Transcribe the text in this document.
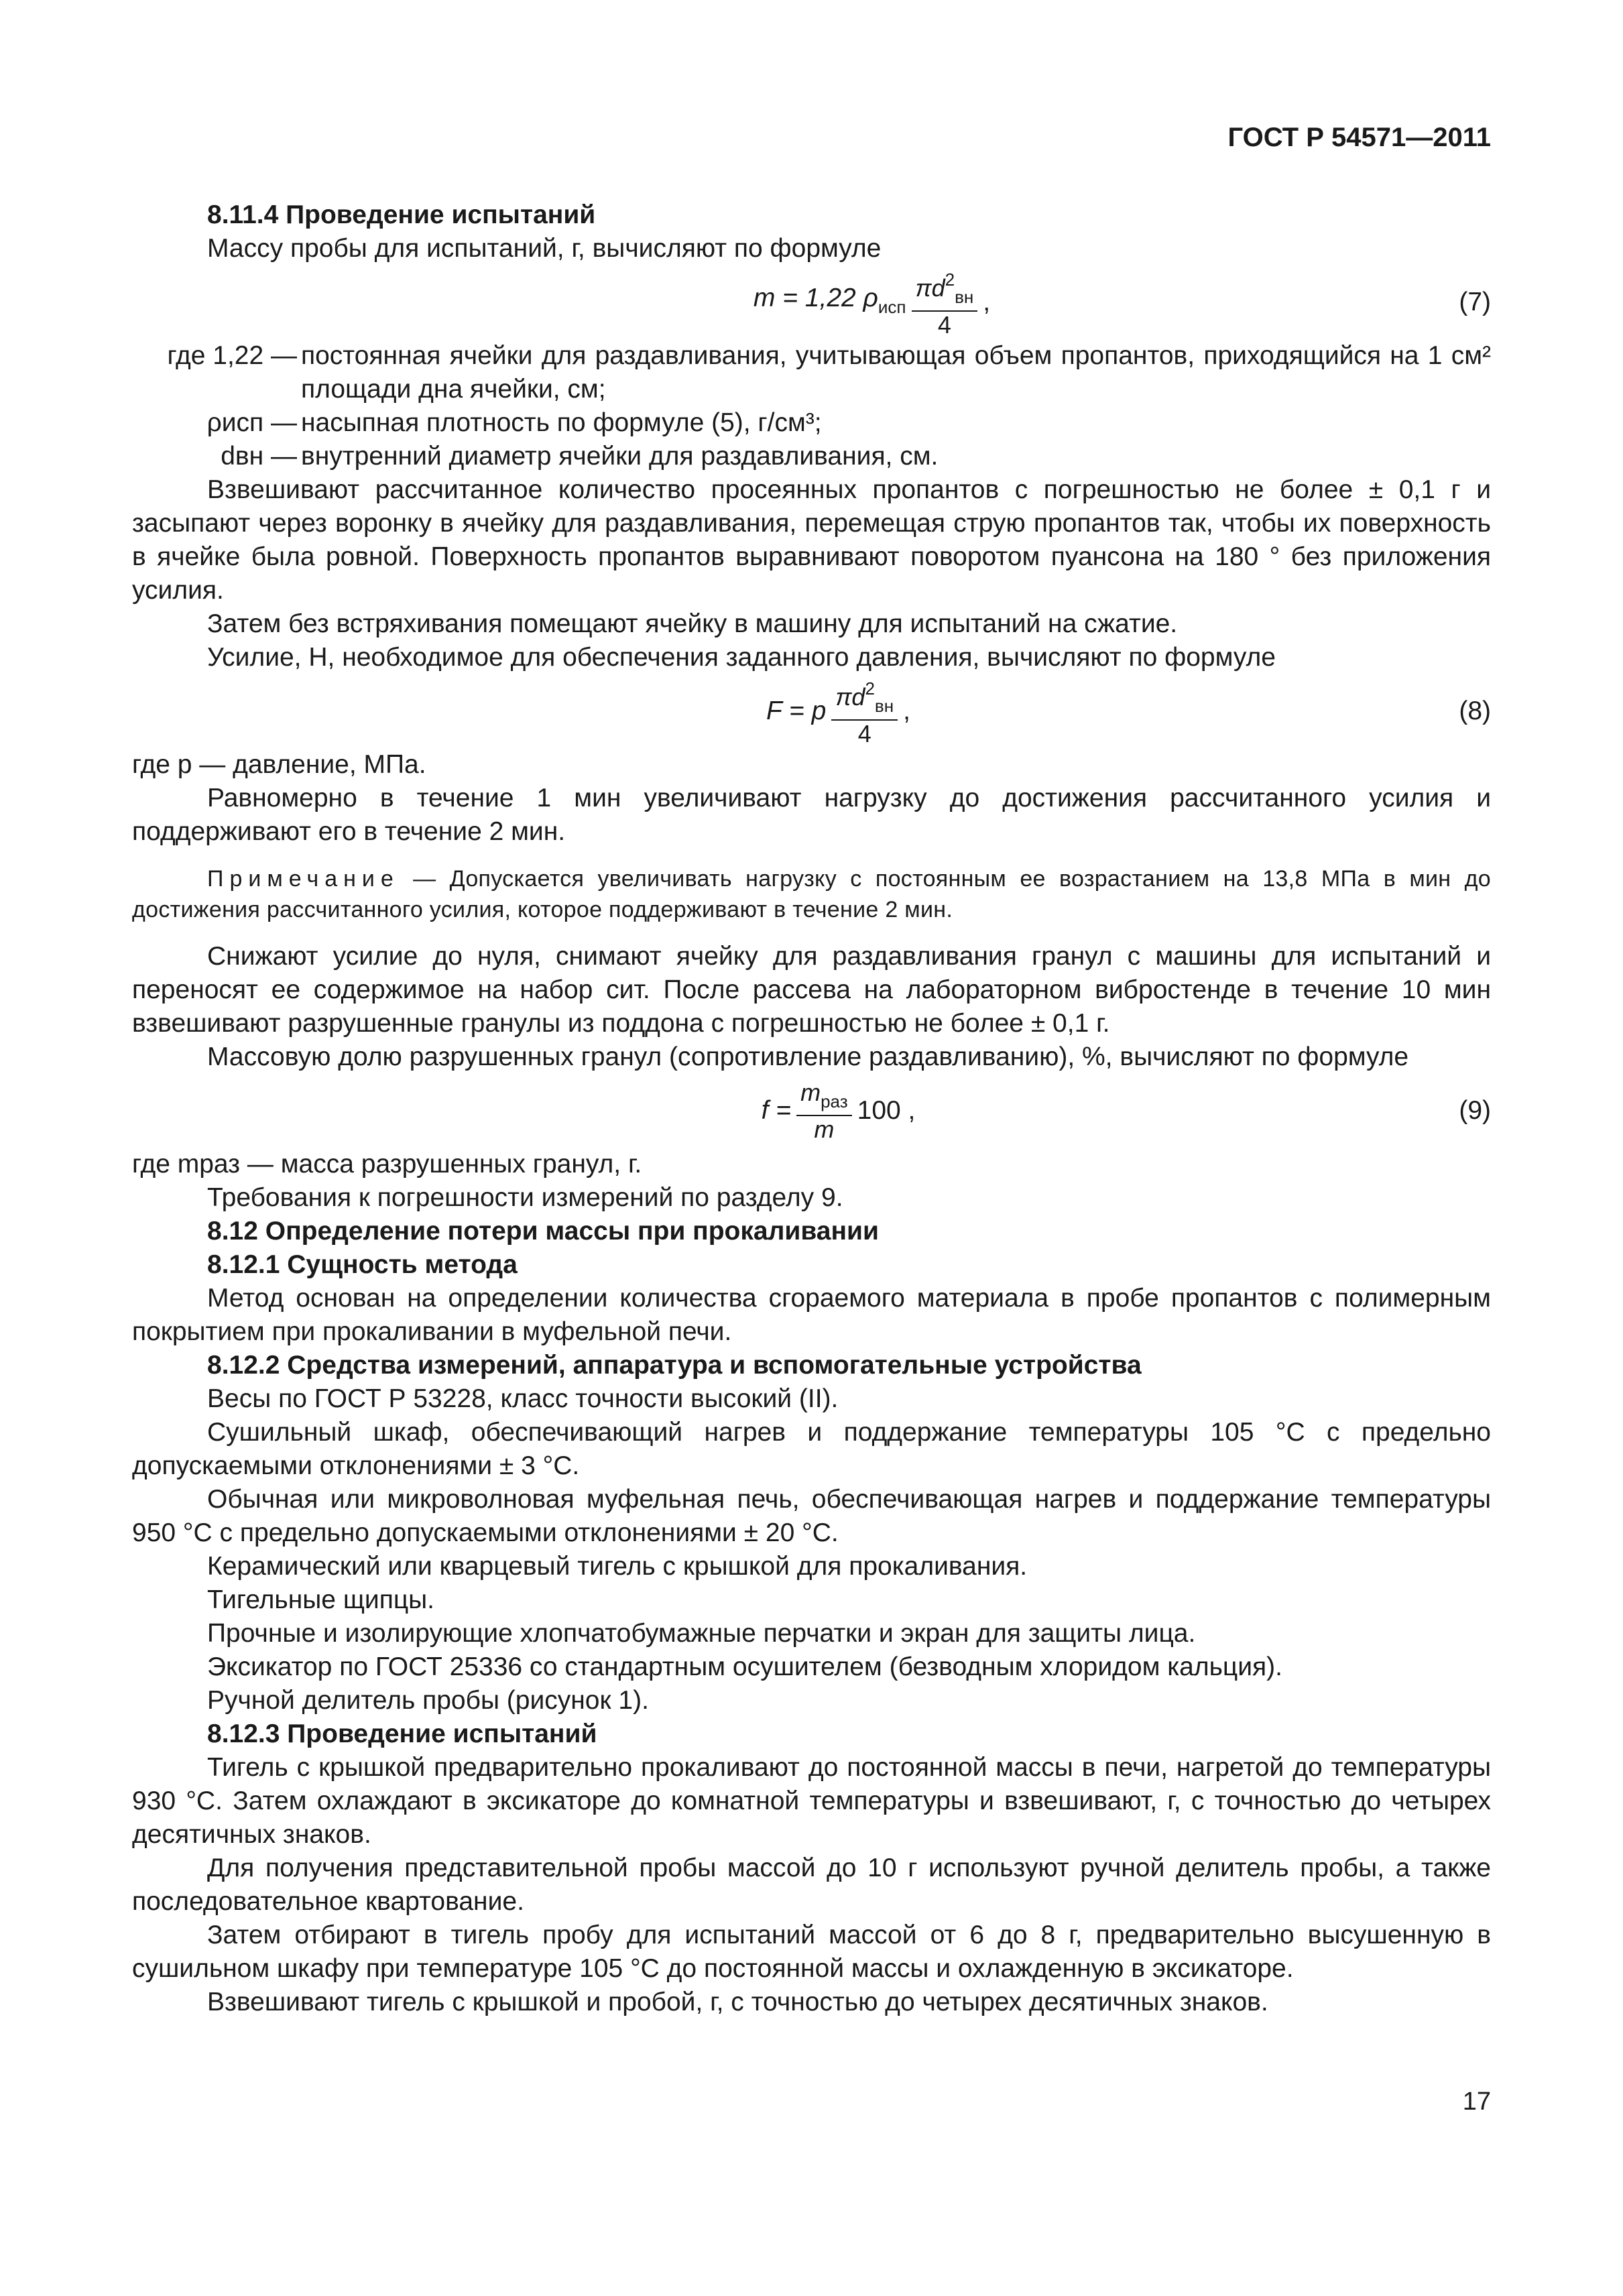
ГОСТ Р 54571—2011

8.11.4 Проведение испытаний

Массу пробы для испытаний, г, вычисляют по формуле

m = 1,22 $\rho_{исп} \frac{\pi d^2_{вн}}{4}$ ,	(7)
где 1,22 — постоянная ячейки для раздавливания, учитывающая объем пропантов, приходящийся на 1 см² площади дна ячейки, см;
ρисп — насыпная плотность по формуле (5), г/см³;
dвн — внутренний диаметр ячейки для раздавливания, см.

Взвешивают рассчитанное количество просеянных пропантов с погрешностью не более ± 0,1 г и засыпают через воронку в ячейку для раздавливания, перемещая струю пропантов так, чтобы их поверхность в ячейке была ровной. Поверхность пропантов выравнивают поворотом пуансона на 180 ° без приложения усилия.

Затем без встряхивания помещают ячейку в машину для испытаний на сжатие.

Усилие, Н, необходимое для обеспечения заданного давления, вычисляют по формуле

F = p $\frac{\pi d^2_{вн}}{4}$ ,	(8)

где p — давление, МПа.

Равномерно в течение 1 мин увеличивают нагрузку до достижения рассчитанного усилия и поддерживают его в течение 2 мин.

Примечание — Допускается увеличивать нагрузку с постоянным ее возрастанием на 13,8 МПа в мин до достижения рассчитанного усилия, которое поддерживают в течение 2 мин.

Снижают усилие до нуля, снимают ячейку для раздавливания гранул с машины для испытаний и переносят ее содержимое на набор сит. После рассева на лабораторном вибростенде в течение 10 мин взвешивают разрушенные гранулы из поддона с погрешностью не более ± 0,1 г.

Массовую долю разрушенных гранул (сопротивление раздавливанию), %, вычисляют по формуле

$f = \frac{m_{раз}}{m} 100$ ,	(9)

где mраз — масса разрушенных гранул, г.

Требования к погрешности измерений по разделу 9.

8.12 Определение потери массы при прокаливании

8.12.1 Сущность метода

Метод основан на определении количества сгораемого материала в пробе пропантов с полимерным покрытием при прокаливании в муфельной печи.

8.12.2 Средства измерений, аппаратура и вспомогательные устройства

Весы по ГОСТ Р 53228, класс точности высокий (II).

Сушильный шкаф, обеспечивающий нагрев и поддержание температуры 105 °С с предельно допускаемыми отклонениями ± 3 °С.

Обычная или микроволновая муфельная печь, обеспечивающая нагрев и поддержание температуры 950 °С с предельно допускаемыми отклонениями ± 20 °С.

Керамический или кварцевый тигель с крышкой для прокаливания.

Тигельные щипцы.

Прочные и изолирующие хлопчатобумажные перчатки и экран для защиты лица.

Эксикатор по ГОСТ 25336 со стандартным осушителем (безводным хлоридом кальция).

Ручной делитель пробы (рисунок 1).

8.12.3 Проведение испытаний

Тигель с крышкой предварительно прокаливают до постоянной массы в печи, нагретой до температуры 930 °С. Затем охлаждают в эксикаторе до комнатной температуры и взвешивают, г, с точностью до четырех десятичных знаков.

Для получения представительной пробы массой до 10 г используют ручной делитель пробы, а также последовательное квартование.

Затем отбирают в тигель пробу для испытаний массой от 6 до 8 г, предварительно высушенную в сушильном шкафу при температуре 105 °С до постоянной массы и охлажденную в эксикаторе.

Взвешивают тигель с крышкой и пробой, г, с точностью до четырех десятичных знаков.

17
